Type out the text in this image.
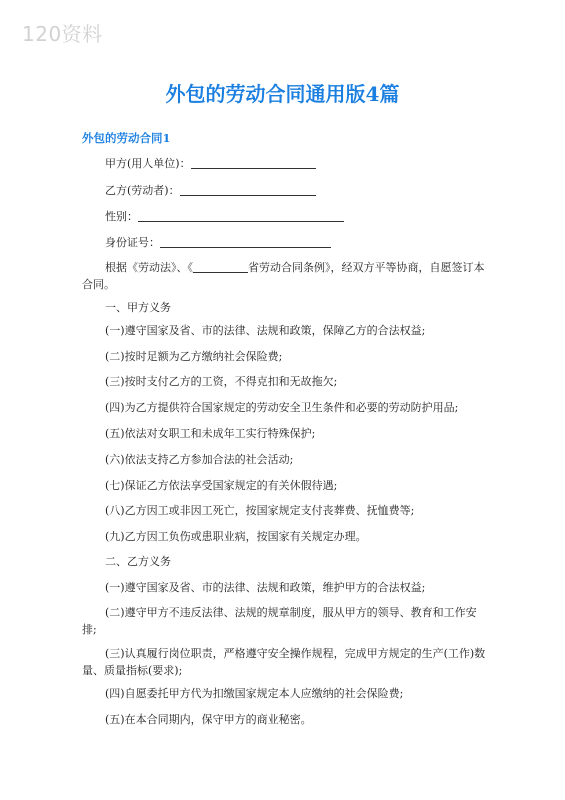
120资料
外包的劳动合同通用版4篇
外包的劳动合同1
甲方(用人单位)：
乙方(劳动者)：
性别：
身份证号：
根据《劳动法》、《	省劳动合同条例》，经双方平等协商，自愿签订本合同。
一、甲方义务
(一)遵守国家及省、市的法律、法规和政策，保障乙方的合法权益;
(二)按时足额为乙方缴纳社会保险费;
(三)按时支付乙方的工资，不得克扣和无故拖欠;
(四)为乙方提供符合国家规定的劳动安全卫生条件和必要的劳动防护用品;
(五)依法对女职工和未成年工实行特殊保护;
(六)依法支持乙方参加合法的社会活动;
(七)保证乙方依法享受国家规定的有关休假待遇;
(八)乙方因工或非因工死亡，按国家规定支付丧葬费、抚恤费等;
(九)乙方因工负伤或患职业病，按国家有关规定办理。
二、乙方义务
(一)遵守国家及省、市的法律、法规和政策，维护甲方的合法权益;
(二)遵守甲方不违反法律、法规的规章制度，服从甲方的领导、教育和工作安排;
(三)认真履行岗位职责，严格遵守安全操作规程，完成甲方规定的生产(工作)数量、质量指标(要求);
(四)自愿委托甲方代为扣缴国家规定本人应缴纳的社会保险费;
(五)在本合同期内，保守甲方的商业秘密。
